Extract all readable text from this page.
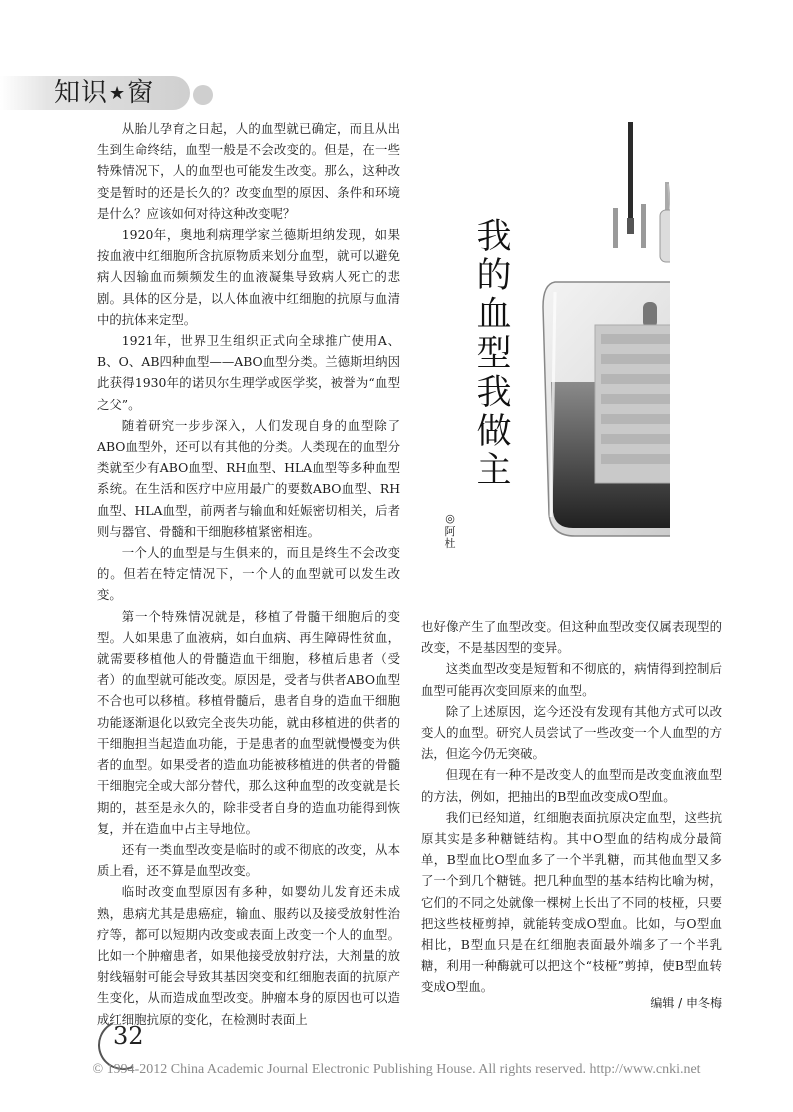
知识★窗

从胎儿孕育之日起，人的血型就已确定，而且从出生到生命终结，血型一般是不会改变的。但是，在一些特殊情况下，人的血型也可能发生改变。那么，这种改变是暂时的还是长久的？改变血型的原因、条件和环境是什么？应该如何对待这种改变呢？

1920年，奥地利病理学家兰德斯坦纳发现，如果按血液中红细胞所含抗原物质来划分血型，就可以避免病人因输血而频频发生的血液凝集导致病人死亡的悲剧。具体的区分是，以人体血液中红细胞的抗原与血清中的抗体来定型。

1921年，世界卫生组织正式向全球推广使用A、B、O、AB四种血型——ABO血型分类。兰德斯坦纳因此获得1930年的诺贝尔生理学或医学奖，被誉为“血型之父”。

随着研究一步步深入，人们发现自身的血型除了ABO血型外，还可以有其他的分类。人类现在的血型分类就至少有ABO血型、RH血型、HLA血型等多种血型系统。在生活和医疗中应用最广的要数ABO血型、RH血型、HLA血型，前两者与输血和妊娠密切相关，后者则与器官、骨髓和干细胞移植紧密相连。

一个人的血型是与生俱来的，而且是终生不会改变的。但若在特定情况下，一个人的血型就可以发生改变。

第一个特殊情况就是，移植了骨髓干细胞后的变型。人如果患了血液病，如白血病、再生障碍性贫血，就需要移植他人的骨髓造血干细胞，移植后患者（受者）的血型就可能改变。原因是，受者与供者ABO血型不合也可以移植。移植骨髓后，患者自身的造血干细胞功能逐渐退化以致完全丧失功能，就由移植进的供者的干细胞担当起造血功能，于是患者的血型就慢慢变为供者的血型。如果受者的造血功能被移植进的供者的骨髓干细胞完全或大部分替代，那么这种血型的改变就是长期的，甚至是永久的，除非受者自身的造血功能得到恢复，并在造血中占主导地位。

还有一类血型改变是临时的或不彻底的改变，从本质上看，还不算是血型改变。

临时改变血型原因有多种，如婴幼儿发育还未成熟，患病尤其是患癌症，输血、服药以及接受放射性治疗等，都可以短期内改变或表面上改变一个人的血型。比如一个肿瘤患者，如果他接受放射疗法，大剂量的放射线辐射可能会导致其基因突变和红细胞表面的抗原产生变化，从而造成血型改变。肿瘤本身的原因也可以造成红细胞抗原的变化，在检测时表面上

我
的
血
型
我
做
主
◎
阿
杜

也好像产生了血型改变。但这种血型改变仅属表现型的改变，不是基因型的变异。

这类血型改变是短暂和不彻底的，病情得到控制后血型可能再次变回原来的血型。

除了上述原因，迄今还没有发现有其他方式可以改变人的血型。研究人员尝试了一些改变一个人血型的方法，但迄今仍无突破。

但现在有一种不是改变人的血型而是改变血液血型的方法，例如，把抽出的B型血改变成O型血。

我们已经知道，红细胞表面抗原决定血型，这些抗原其实是多种糖链结构。其中O型血的结构成分最简单，B型血比O型血多了一个半乳糖，而其他血型又多了一个到几个糖链。把几种血型的基本结构比喻为树，它们的不同之处就像一棵树上长出了不同的枝桠，只要把这些枝桠剪掉，就能转变成O型血。比如，与O型血相比，B型血只是在红细胞表面最外端多了一个半乳糖，利用一种酶就可以把这个“枝桠”剪掉，使B型血转变成O型血。

编辑 / 申冬梅
32
© 1994-2012 China Academic Journal Electronic Publishing House. All rights reserved. http://www.cnki.net
